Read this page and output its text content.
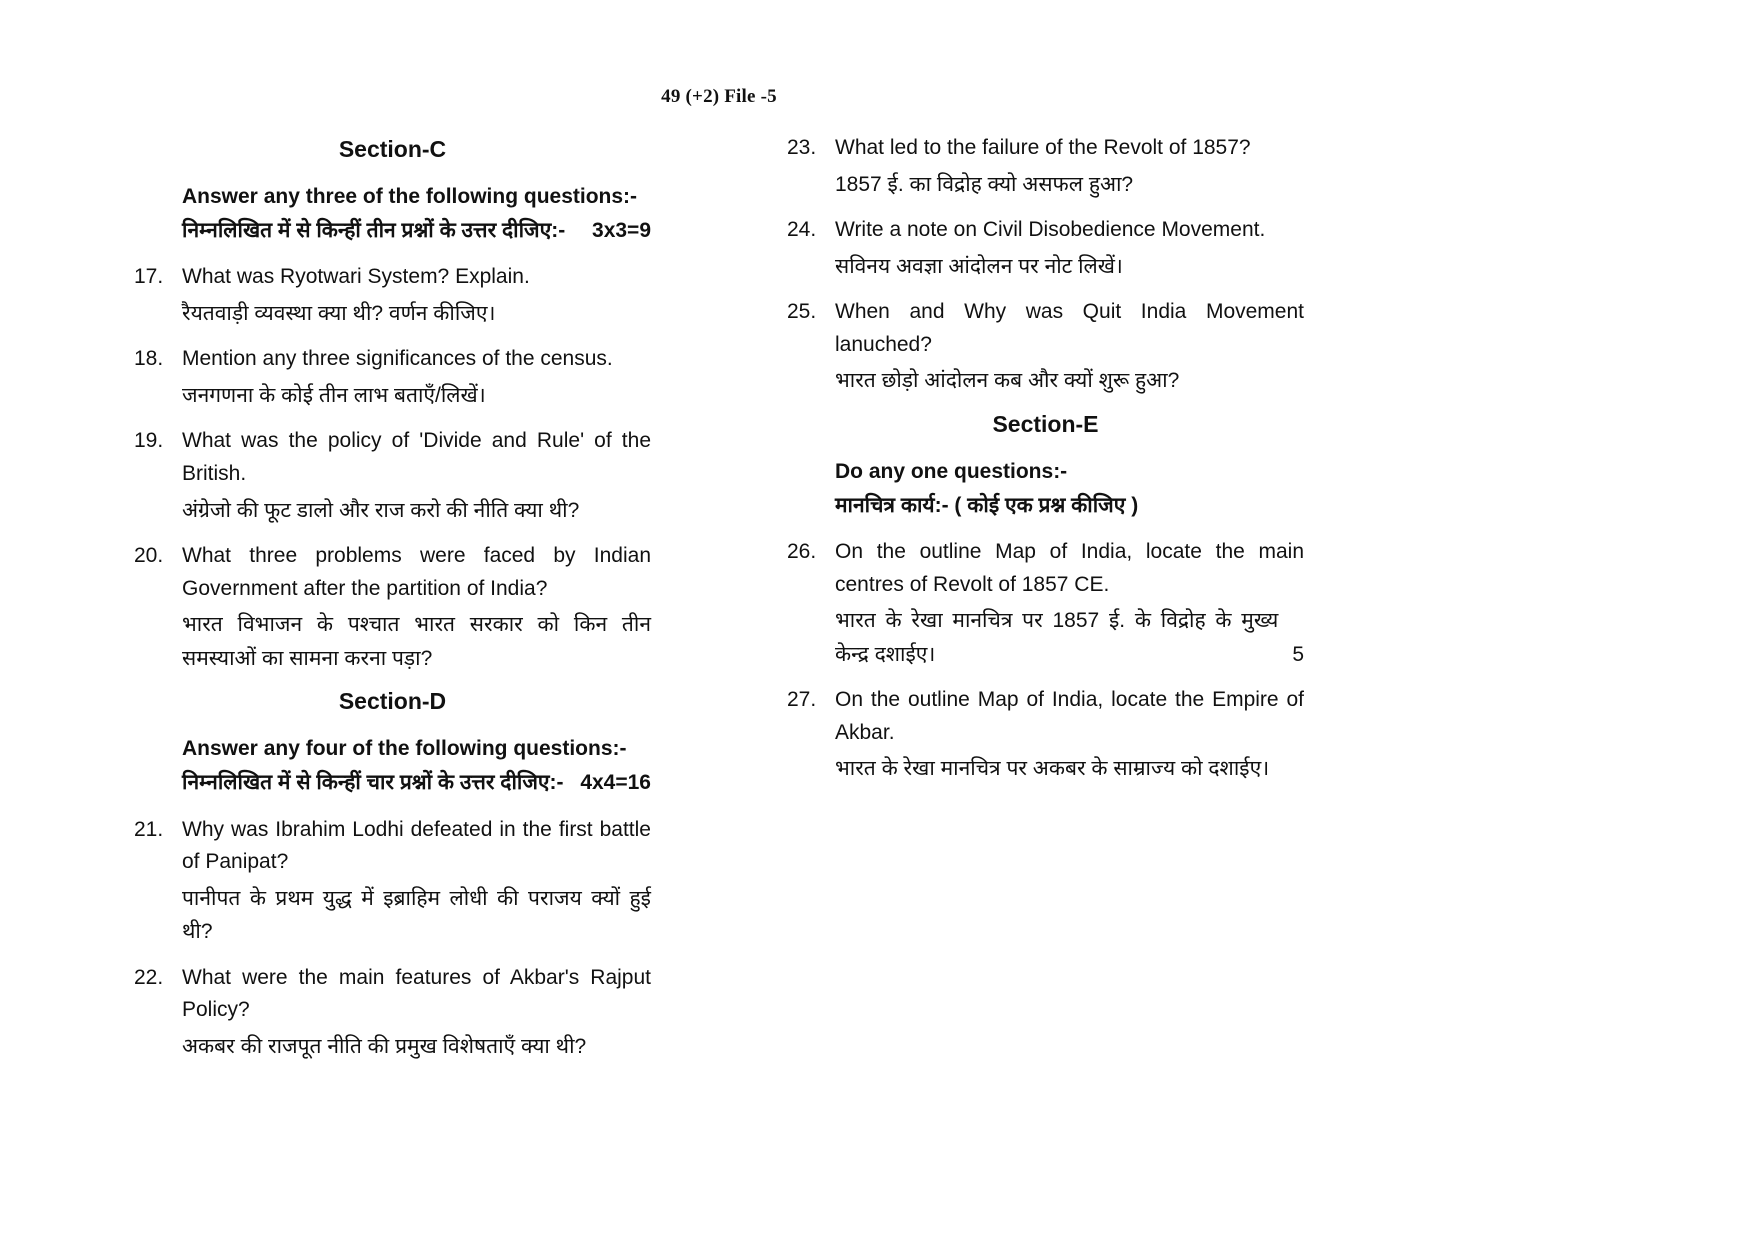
49 (+2) File -5
Section-C
Answer any three of the following questions:-
निम्नलिखित में से किन्हीं तीन प्रश्नों के उत्तर दीजिए:- 3x3=9
17. What was Ryotwari System? Explain.
रैयतवाड़ी व्यवस्था क्या थी? वर्णन कीजिए।
18. Mention any three significances of the census.
जनगणना के कोई तीन लाभ बताएँ/लिखें।
19. What was the policy of 'Divide and Rule' of the British.
अंग्रेजो की फूट डालो और राज करो की नीति क्या थी?
20. What three problems were faced by Indian Government after the partition of India?
भारत विभाजन के पश्चात भारत सरकार को किन तीन समस्याओं का सामना करना पड़ा?
Section-D
Answer any four of the following questions:-
निम्नलिखित में से किन्हीं चार प्रश्नों के उत्तर दीजिए:- 4x4=16
21. Why was Ibrahim Lodhi defeated in the first battle of Panipat?
पानीपत के प्रथम युद्ध में इब्राहिम लोधी की पराजय क्यों हुई थी?
22. What were the main features of Akbar's Rajput Policy?
अकबर की राजपूत नीति की प्रमुख विशेषताएँ क्या थी?
23. What led to the failure of the Revolt of 1857?
1857 ई. का विद्रोह क्यो असफल हुआ?
24. Write a note on Civil Disobedience Movement.
सविनय अवज्ञा आंदोलन पर नोट लिखें।
25. When and Why was Quit India Movement lanuched?
भारत छोड़ो आंदोलन कब और क्यों शुरू हुआ?
Section-E
Do any one questions:-
मानचित्र कार्य:- ( कोई एक प्रश्न कीजिए )
26. On the outline Map of India, locate the main centres of Revolt of 1857 CE.
भारत के रेखा मानचित्र पर 1857 ई. के विद्रोह के मुख्य केन्द्र दशाईए।	5
27. On the outline Map of India, locate the Empire of Akbar.
भारत के रेखा मानचित्र पर अकबर के साम्राज्य को दशाईए।
